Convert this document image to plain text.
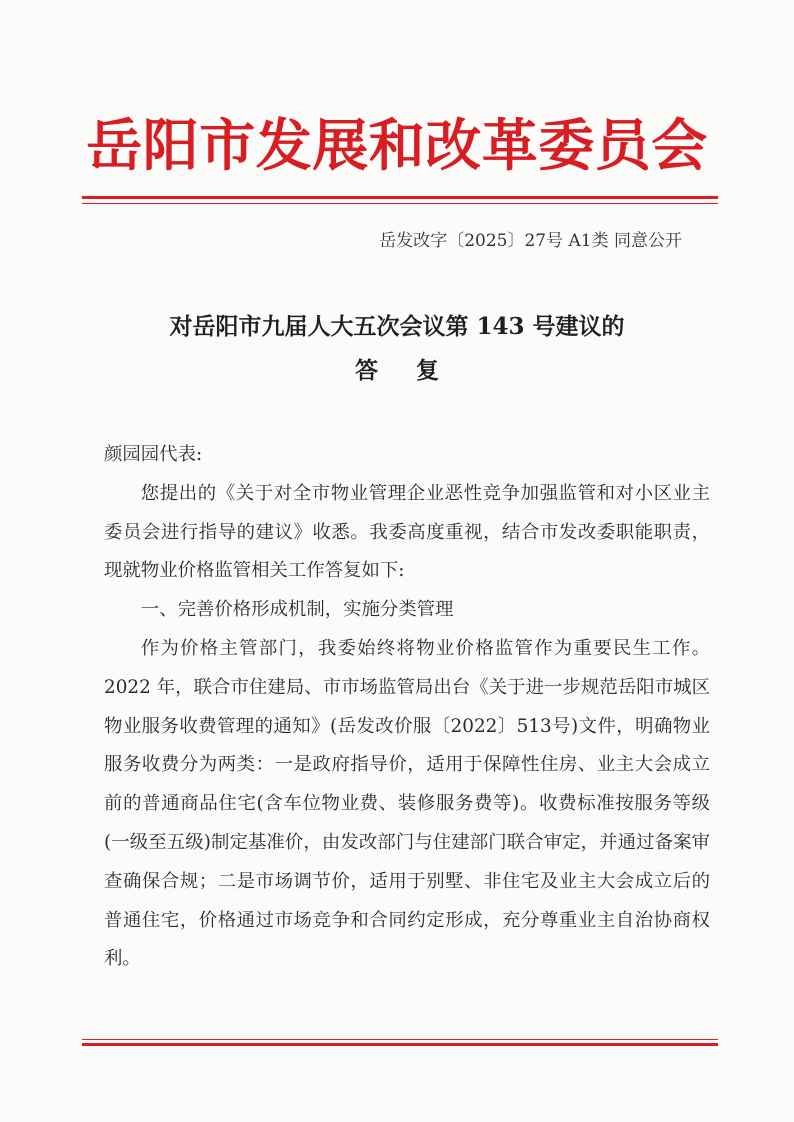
岳阳市发展和改革委员会
岳发改字〔2025〕27号 A1类 同意公开
对岳阳市九届人大五次会议第 143 号建议的
答复

颜园园代表:

您提出的《关于对全市物业管理企业恶性竞争加强监管和对小区业主委员会进行指导的建议》收悉。我委高度重视，结合市发改委职能职责，现就物业价格监管相关工作答复如下:

一、完善价格形成机制，实施分类管理

作为价格主管部门，我委始终将物业价格监管作为重要民生工作。2022 年，联合市住建局、市市场监管局出台《关于进一步规范岳阳市城区物业服务收费管理的通知》(岳发改价服〔2022〕513号)文件，明确物业服务收费分为两类：一是政府指导价，适用于保障性住房、业主大会成立前的普通商品住宅(含车位物业费、装修服务费等)。收费标准按服务等级(一级至五级)制定基准价，由发改部门与住建部门联合审定，并通过备案审查确保合规；二是市场调节价，适用于别墅、非住宅及业主大会成立后的普通住宅，价格通过市场竞争和合同约定形成，充分尊重业主自治协商权利。
